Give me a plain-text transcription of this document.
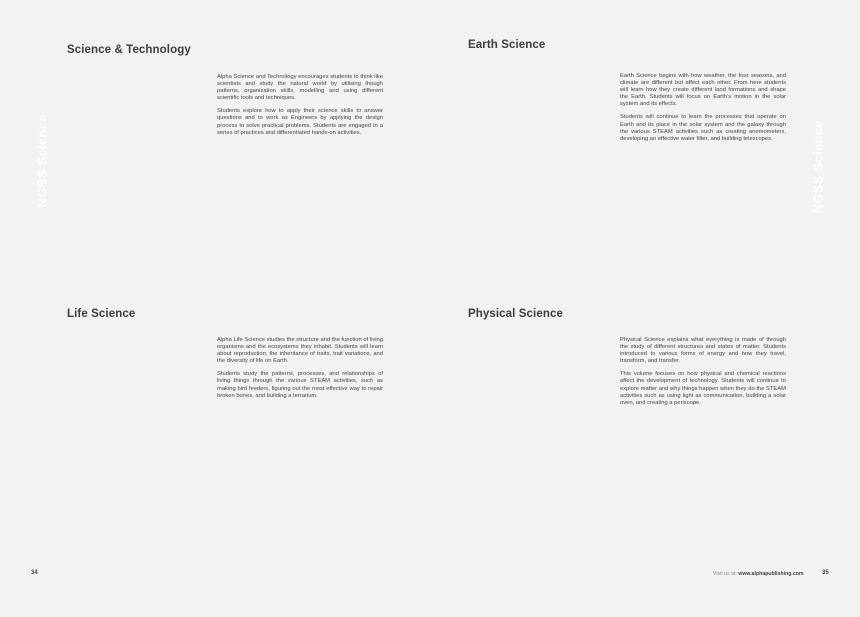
NGSS Science	NGSS Science
Science & Technology

Alpha Science and Technology encourages students to think like scientists and study the natural world by utilising though patterns, organization skills, modelling and using different scientific tools and techniques.

Students explore how to apply their science skills to answer questions and to work as Engineers by applying the design process to solve practical problems. Students are engaged in a series of practices and differentiated hands-on activities.

Earth Science

Earth Science begins with how weather, the four seasons, and climate are different but affect each other. From here students will learn how they create different land formations and shape the Earth. Students will focus on Earth’s motion in the solar system and its effects.

Students will continue to learn the processes that operate on Earth and its place in the solar system and the galaxy through the various STEAM activities such as creating anemometers, developing an effective water filter, and building telescopes.

Life Science

Alpha Life Science studies the structure and the function of living organisms and the ecosystems they inhabit. Students will learn about reproduction, the inheritance of traits, trait variations, and the diversity of life on Earth.

Students study the patterns, processes, and relationships of living things through the various STEAM activities, such as making bird feeders, figuring out the most effective way to repair broken bones, and building a terrarium.

Physical Science

Physical Science explains what everything is made of through the study of different structures and states of matter. Students introduced to various forms of energy and how they travel, transform, and transfer.

This volume focuses on how physical and chemical reactions affect the development of technology. Students will continue to explore matter and why things happen when they do the STEAM activities such as using light as communication, building a solar oven, and creating a periscope.

34	Visit us at: www.alphapublishing.com	35
